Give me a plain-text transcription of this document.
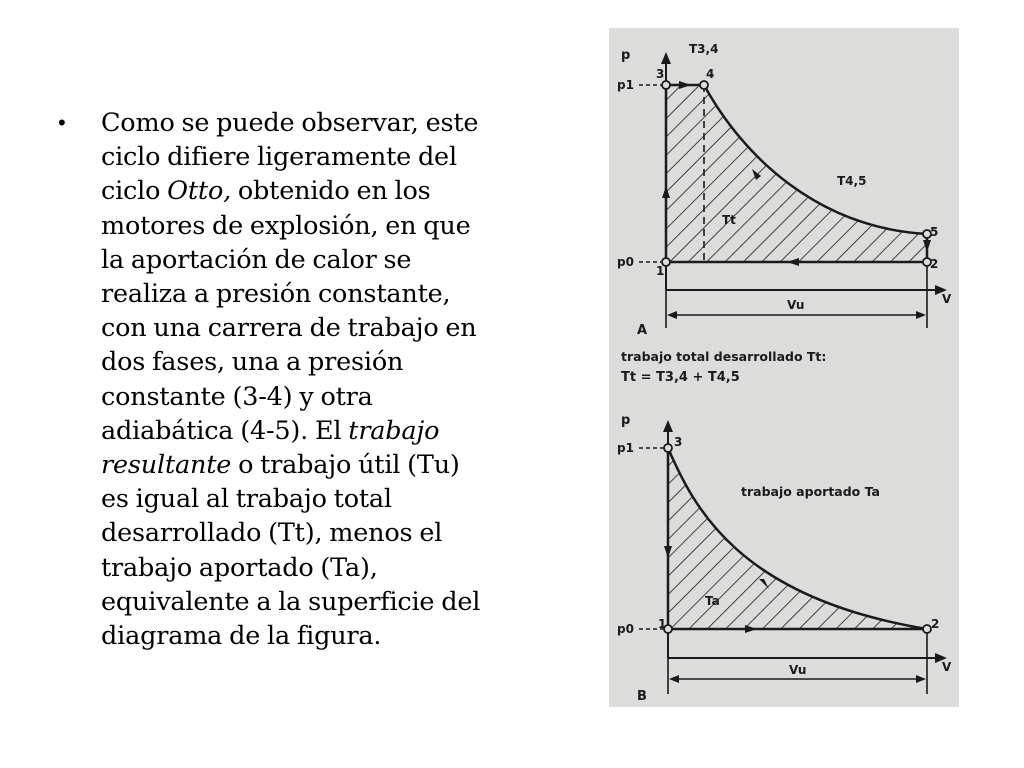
•	Como se puede observar, este ciclo difiere ligeramente del ciclo Otto, obtenido en los motores de explosión, en que la aportación de calor se realiza a presión constante, con una carrera de trabajo en dos fases, una a presión constante (3-4) y otra adiabática (4-5). El trabajo resultante o trabajo útil (Tu) es igual al trabajo total desarrollado (Tt), menos el trabajo aportado (Ta), equivalente a la superficie del diagrama de la figura.
p
p1
p0
3	4
5
2
1
T3,4
T4,5
Tt
Vu	V
A
trabajo total desarrollado Tt:
Tt = T3,4 + T4,5
p
p1
p0
3
1	2
Ta
Vu	V
trabajo aportado Ta
B
